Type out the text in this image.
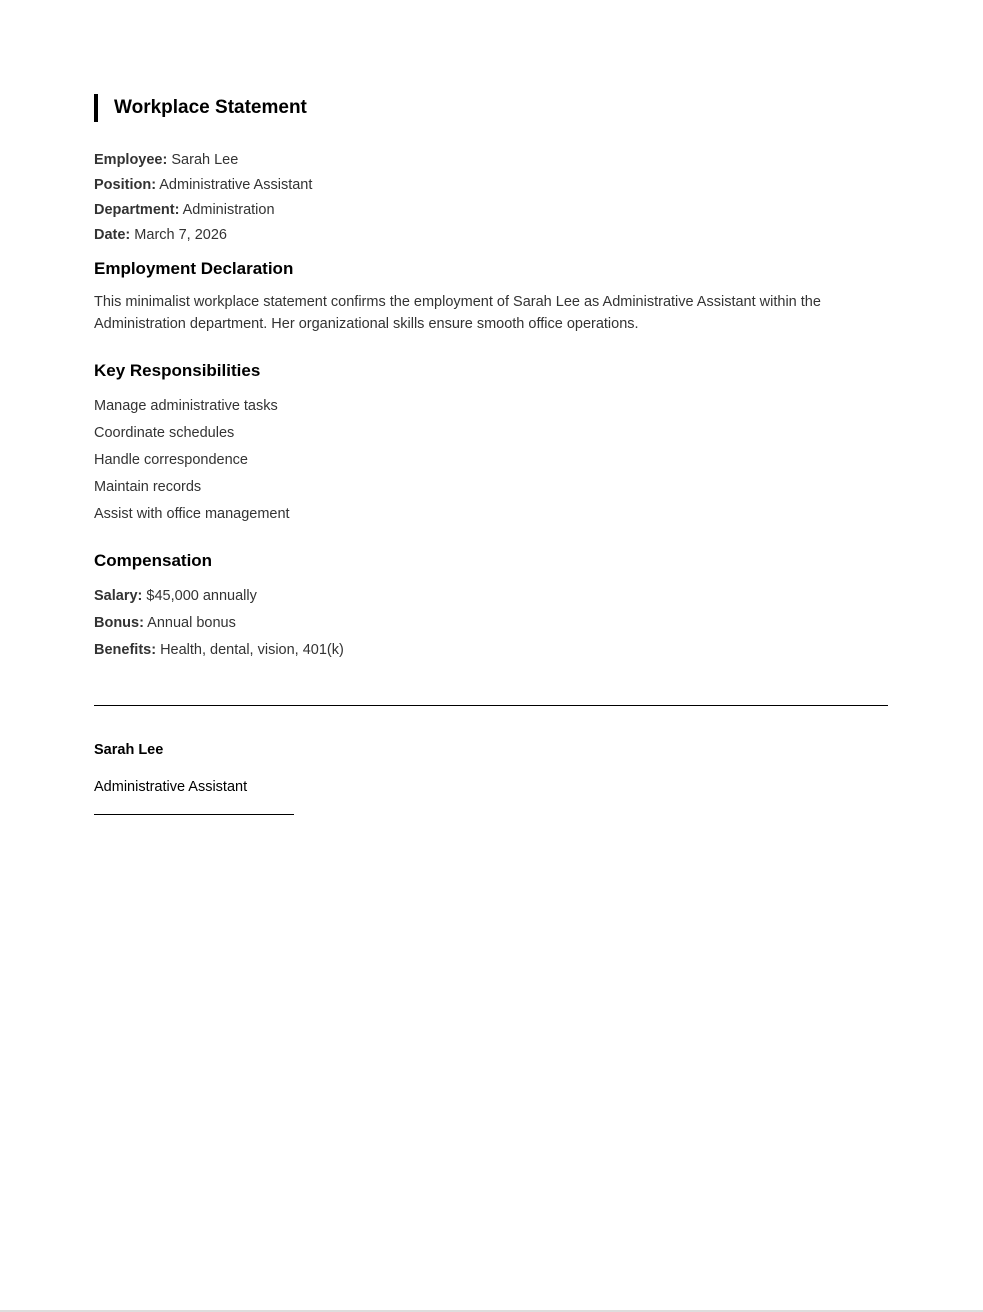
Workplace Statement
Employee: Sarah Lee
Position: Administrative Assistant
Department: Administration
Date: March 7, 2026
Employment Declaration
This minimalist workplace statement confirms the employment of Sarah Lee as Administrative Assistant within the Administration department. Her organizational skills ensure smooth office operations.
Key Responsibilities
Manage administrative tasks
Coordinate schedules
Handle correspondence
Maintain records
Assist with office management
Compensation
Salary: $45,000 annually
Bonus: Annual bonus
Benefits: Health, dental, vision, 401(k)
Sarah Lee
Administrative Assistant
